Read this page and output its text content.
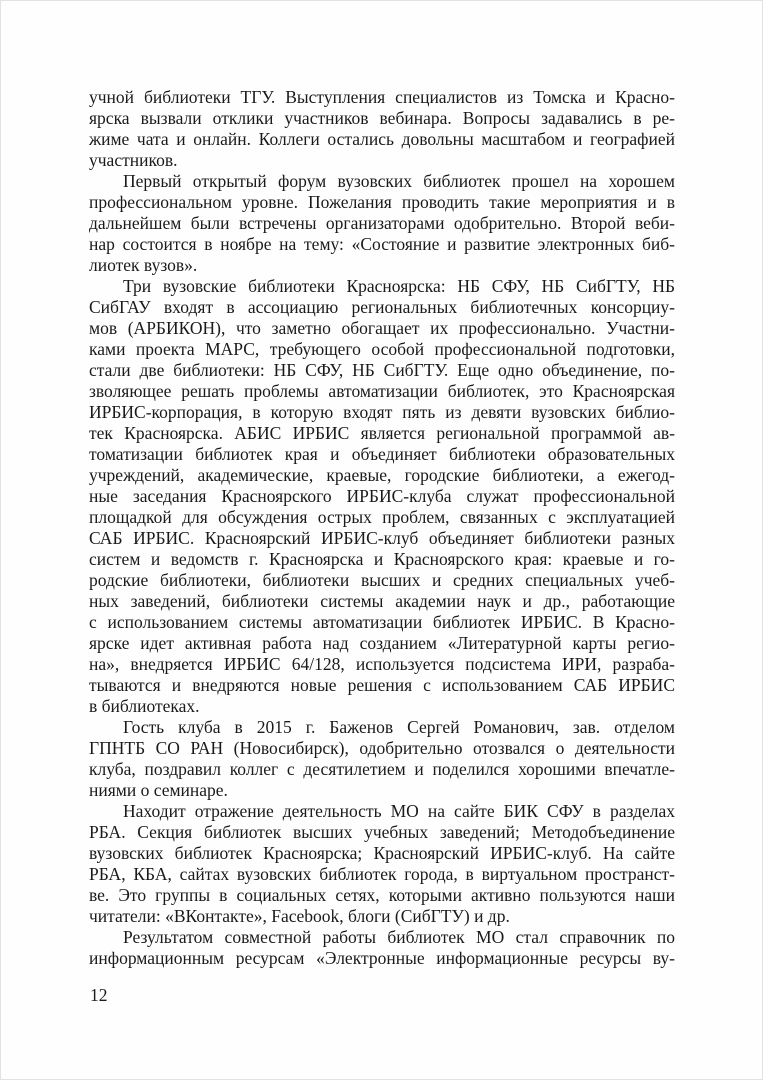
учной библиотеки ТГУ. Выступления специалистов из Томска и Красно-
ярска вызвали отклики участников вебинара. Вопросы задавались в ре-
жиме чата и онлайн. Коллеги остались довольны масштабом и географией
участников.
Первый открытый форум вузовских библиотек прошел на хорошем
профессиональном уровне. Пожелания проводить такие мероприятия и в
дальнейшем были встречены организаторами одобрительно. Второй веби-
нар состоится в ноябре на тему: «Состояние и развитие электронных биб-
лиотек вузов».
Три вузовские библиотеки Красноярска: НБ СФУ, НБ СибГТУ, НБ
СибГАУ входят в ассоциацию региональных библиотечных консорциу-
мов (АРБИКОН), что заметно обогащает их профессионально. Участни-
ками проекта МАРС, требующего особой профессиональной подготовки,
стали две библиотеки: НБ СФУ, НБ СибГТУ. Еще одно объединение, по-
зволяющее решать проблемы автоматизации библиотек, это Красноярская
ИРБИС-корпорация, в которую входят пять из девяти вузовских библио-
тек Красноярска. АБИС ИРБИС является региональной программой ав-
томатизации библиотек края и объединяет библиотеки образовательных
учреждений, академические, краевые, городские библиотеки, а ежегод-
ные заседания Красноярского ИРБИС-клуба служат профессиональной
площадкой для обсуждения острых проблем, связанных с эксплуатацией
САБ ИРБИС. Красноярский ИРБИС-клуб объединяет библиотеки разных
систем и ведомств г. Красноярска и Красноярского края: краевые и го-
родские библиотеки, библиотеки высших и средних специальных учеб-
ных заведений, библиотеки системы академии наук и др., работающие
с использованием системы автоматизации библиотек ИРБИС. В Красно-
ярске идет активная работа над созданием «Литературной карты регио-
на», внедряется ИРБИС 64/128, используется подсистема ИРИ, разраба-
тываются и внедряются новые решения с использованием САБ ИРБИС
в библиотеках.
Гость клуба в 2015 г. Баженов Сергей Романович, зав. отделом
ГПНТБ СО РАН (Новосибирск), одобрительно отозвался о деятельности
клуба, поздравил коллег с десятилетием и поделился хорошими впечатле-
ниями о семинаре.
Находит отражение деятельность МО на сайте БИК СФУ в разделах
РБА. Секция библиотек высших учебных заведений; Методобъединение
вузовских библиотек Красноярска; Красноярский ИРБИС-клуб. На сайте
РБА, КБА, сайтах вузовских библиотек города, в виртуальном пространст-
ве. Это группы в социальных сетях, которыми активно пользуются наши
читатели: «ВКонтакте», Facebook, блоги (СибГТУ) и др.
Результатом совместной работы библиотек МО стал справочник по
информационным ресурсам «Электронные информационные ресурсы ву-
12
